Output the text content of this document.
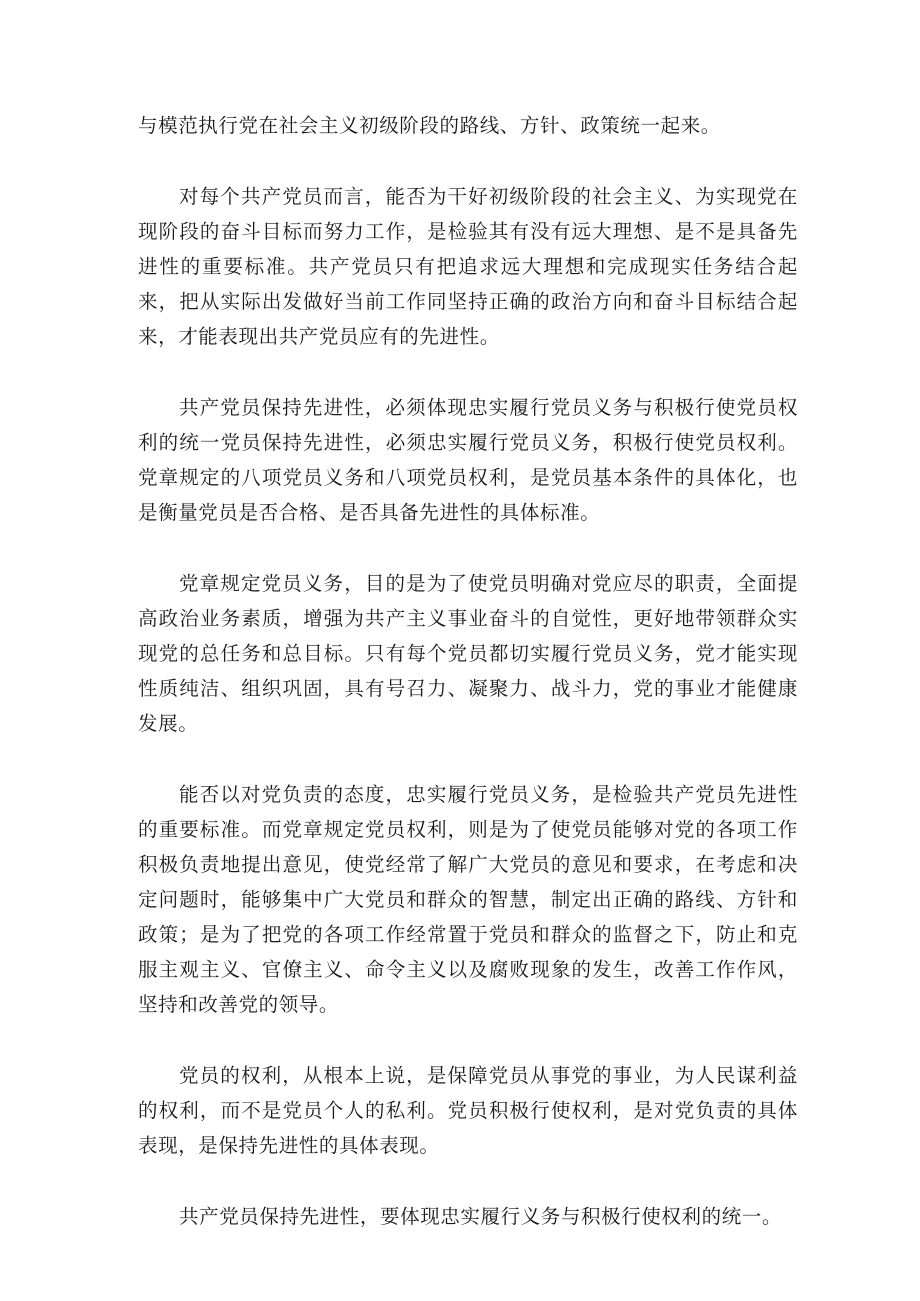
与模范执行党在社会主义初级阶段的路线、方针、政策统一起来。

对每个共产党员而言，能否为干好初级阶段的社会主义、为实现党在现阶段的奋斗目标而努力工作，是检验其有没有远大理想、是不是具备先进性的重要标准。共产党员只有把追求远大理想和完成现实任务结合起来，把从实际出发做好当前工作同坚持正确的政治方向和奋斗目标结合起来，才能表现出共产党员应有的先进性。

共产党员保持先进性，必须体现忠实履行党员义务与积极行使党员权利的统一党员保持先进性，必须忠实履行党员义务，积极行使党员权利。党章规定的八项党员义务和八项党员权利，是党员基本条件的具体化，也是衡量党员是否合格、是否具备先进性的具体标准。

党章规定党员义务，目的是为了使党员明确对党应尽的职责，全面提高政治业务素质，增强为共产主义事业奋斗的自觉性，更好地带领群众实现党的总任务和总目标。只有每个党员都切实履行党员义务，党才能实现性质纯洁、组织巩固，具有号召力、凝聚力、战斗力，党的事业才能健康发展。

能否以对党负责的态度，忠实履行党员义务，是检验共产党员先进性的重要标准。而党章规定党员权利，则是为了使党员能够对党的各项工作积极负责地提出意见，使党经常了解广大党员的意见和要求，在考虑和决定问题时，能够集中广大党员和群众的智慧，制定出正确的路线、方针和政策；是为了把党的各项工作经常置于党员和群众的监督之下，防止和克服主观主义、官僚主义、命令主义以及腐败现象的发生，改善工作作风，坚持和改善党的领导。

党员的权利，从根本上说，是保障党员从事党的事业，为人民谋利益的权利，而不是党员个人的私利。党员积极行使权利，是对党负责的具体表现，是保持先进性的具体表现。

共产党员保持先进性，要体现忠实履行义务与积极行使权利的统一。
